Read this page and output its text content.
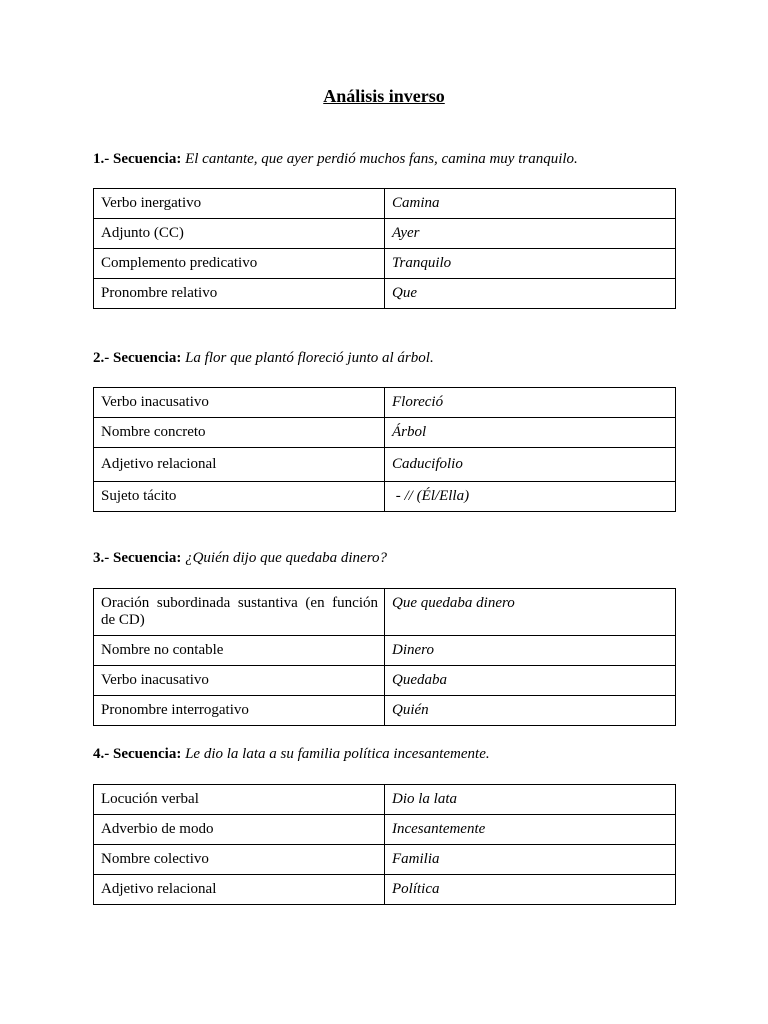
Análisis inverso
1.- Secuencia: El cantante, que ayer perdió muchos fans, camina muy tranquilo.
Verbo inergativo	Camina
Adjunto (CC)	Ayer
Complemento predicativo	Tranquilo
Pronombre relativo	Que
2.- Secuencia: La flor que plantó floreció junto al árbol.
Verbo inacusativo	Floreció
Nombre concreto	Árbol
Adjetivo relacional	Caducifolio
Sujeto tácito	- // (Él/Ella)
3.- Secuencia: ¿Quién dijo que quedaba dinero?
Oración subordinada sustantiva (en función de CD)	Que quedaba dinero
Nombre no contable	Dinero
Verbo inacusativo	Quedaba
Pronombre interrogativo	Quién
4.- Secuencia: Le dio la lata a su familia política incesantemente.
Locución verbal	Dio la lata
Adverbio de modo	Incesantemente
Nombre colectivo	Familia
Adjetivo relacional	Política
